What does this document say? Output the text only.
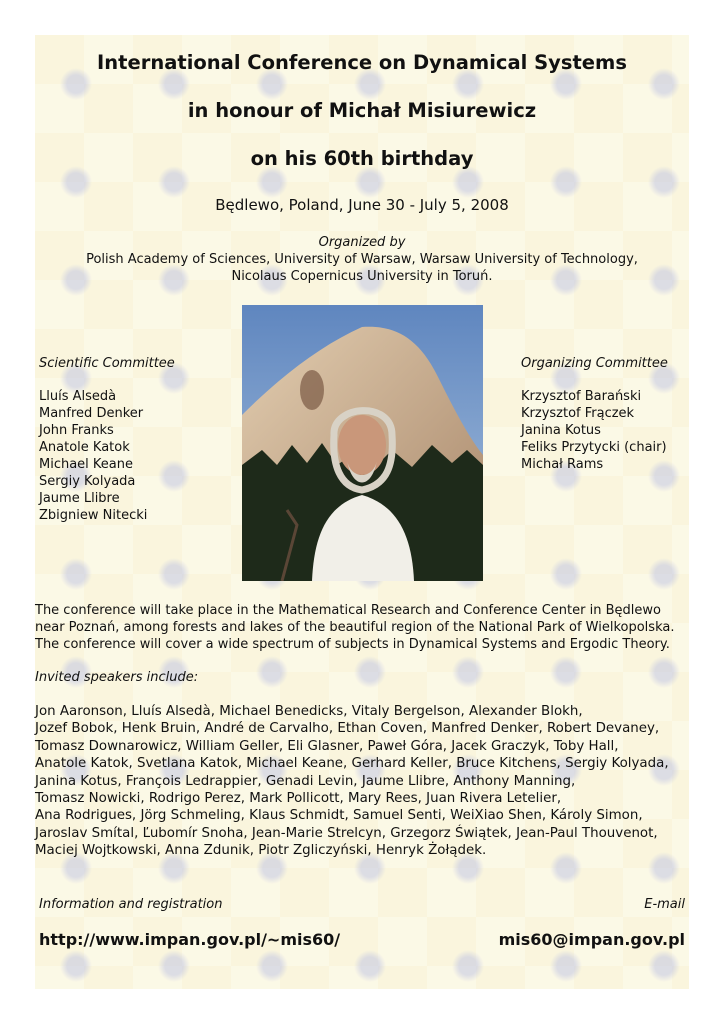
International Conference on Dynamical Systems
in honour of Michał Misiurewicz
on his 60th birthday
Będlewo, Poland, June 30 - July 5, 2008
Organized by
Polish Academy of Sciences, University of Warsaw, Warsaw University of Technology,
Nicolaus Copernicus University in Toruń.
Scientific Committee
Lluís Alsedà
Manfred Denker
John Franks
Anatole Katok
Michael Keane
Sergiy Kolyada
Jaume Llibre
Zbigniew Nitecki
Organizing Committee
Krzysztof Barański
Krzysztof Frączek
Janina Kotus
Feliks Przytycki (chair)
Michał Rams
The conference will take place in the Mathematical Research and Conference Center in Będlewo
near Poznań, among forests and lakes of the beautiful region of the National Park of Wielkopolska.
The conference will cover a wide spectrum of subjects in Dynamical Systems and Ergodic Theory.
Invited speakers include:
Jon Aaronson, Lluís Alsedà, Michael Benedicks, Vitaly Bergelson, Alexander Blokh,
Jozef Bobok, Henk Bruin, André de Carvalho, Ethan Coven, Manfred Denker, Robert Devaney,
Tomasz Downarowicz, William Geller, Eli Glasner, Paweł Góra, Jacek Graczyk, Toby Hall,
Anatole Katok, Svetlana Katok, Michael Keane, Gerhard Keller, Bruce Kitchens, Sergiy Kolyada,
Janina Kotus, François Ledrappier, Genadi Levin, Jaume Llibre, Anthony Manning,
Tomasz Nowicki, Rodrigo Perez, Mark Pollicott, Mary Rees, Juan Rivera Letelier,
Ana Rodrigues, Jörg Schmeling, Klaus Schmidt, Samuel Senti, WeiXiao Shen, Károly Simon,
Jaroslav Smítal, Ľubomír Snoha, Jean-Marie Strelcyn, Grzegorz Świątek, Jean-Paul Thouvenot,
Maciej Wojtkowski, Anna Zdunik, Piotr Zgliczyński, Henryk Żołądek.
Information and registration	E-mail
http://www.impan.gov.pl/~mis60/	mis60@impan.gov.pl
